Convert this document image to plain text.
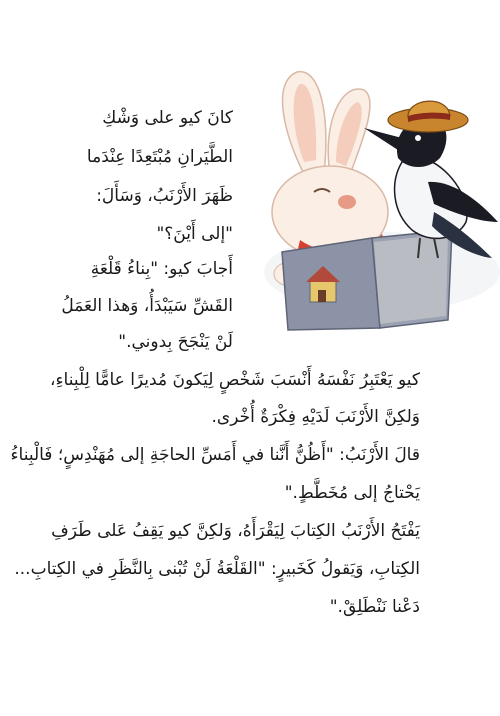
كانَ كيو على وَشْكِ
الطَّيَرانِ مُبْتَعِدًا عِنْدَما
ظَهَرَ الأَرْنَبُ، وَسَأَلَ:
"إلى أَيْنَ؟"
أَجابَ كيو: "بِناءُ قَلْعَةِ
القَشِّ سَيَبْدَأُ، وَهذا العَمَلُ
لَنْ يَنْجَحَ بِدوني."
كيو يَعْتَبِرُ نَفْسَهُ أَنْسَبَ شَخْصٍ لِيَكونَ مُديرًا عامًّا لِلْبِناءِ،
وَلكِنَّ الأَرْنَبَ لَدَيْهِ فِكْرَةٌ أُخْرى.
قالَ الأَرْنَبُ: "أَظُنُّ أَنَّنا في أَمَسِّ الحاجَةِ إلى مُهَنْدِسٍ؛ فَالْبِناءُ
يَحْتاجُ إلى مُخَطَّطٍ."
يَفْتَحُ الأَرْنَبُ الكِتابَ لِيَقْرَأَهُ، وَلكِنَّ كيو يَقِفُ عَلى طَرَفِ
الكِتابِ، وَيَقولُ كَخَبيرٍ: "القَلْعَةُ لَنْ تُبْنى بِالنَّظَرِ في الكِتابِ...
دَعْنا نَنْطَلِقْ."
